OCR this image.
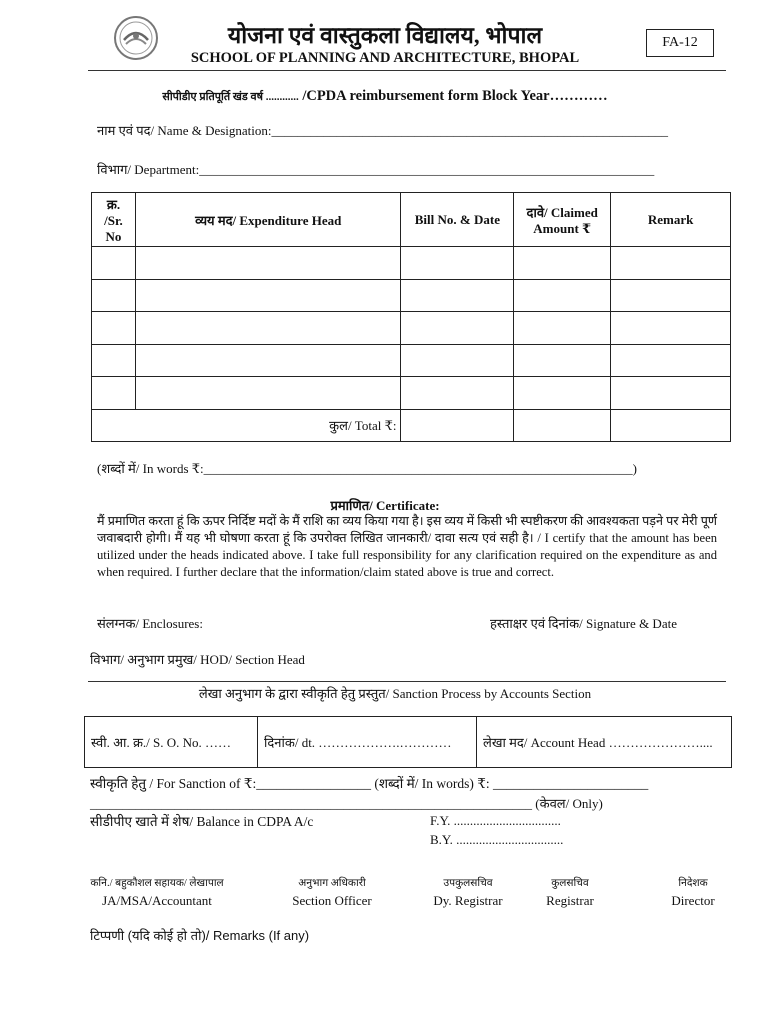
योजना एवं वास्तुकला विद्यालय, भोपाल
SCHOOL OF PLANNING AND ARCHITECTURE, BHOPAL
FA-12
सीपीडीए प्रतिपूर्ति खंड वर्ष ............ /CPDA reimbursement form Block Year…………
नाम एवं पद/ Name & Designation:_____________________________________________________________
विभाग/ Department:______________________________________________________________________
क्र. /Sr. No	व्यय मद/ Expenditure Head	Bill No. & Date	दावे/ Claimed Amount ₹	Remark

कुल/ Total ₹:				
(शब्दों में/ In words ₹:__________________________________________________________________)
प्रमाणित/ Certificate:
मैं प्रमाणित करता हूं कि ऊपर निर्दिष्ट मदों के मैं राशि का व्यय किया गया है। इस व्यय में किसी भी स्पष्टीकरण की आवश्यकता पड़ने पर मेरी पूर्ण जवाबदारी होगी। मैं यह भी घोषणा करता हूं कि उपरोक्त लिखित जानकारी/ दावा सत्य एवं सही है। / I certify that the amount has been utilized under the heads indicated above. I take full responsibility for any clarification required on the expenditure as and when required. I further declare that the information/claim stated above is true and correct.
संलग्नक/ Enclosures:	हस्ताक्षर एवं दिनांक/ Signature & Date
विभाग/ अनुभाग प्रमुख/ HOD/ Section Head
लेखा अनुभाग के द्वारा स्वीकृति हेतु प्रस्तुत/ Sanction Process by Accounts Section
स्वी. आ. क्र./ S. O. No. ……	दिनांक/ dt. ……………….…………	लेखा मद/ Account Head …………………....
स्वीकृति हेतु / For Sanction of ₹:_________________ (शब्दों में/ In words) ₹: _______________________
____________________________________________________________________ (केवल/ Only)
सीडीपीए खाते में शेष/ Balance in CDPA A/c	F.Y. .................................
B.Y. .................................
कनि./ बहुकौशल सहायक/ लेखापाल
JA/MSA/Accountant
अनुभाग अधिकारी
Section Officer
उपकुलसचिव
Dy. Registrar
कुलसचिव
Registrar
निदेशक
Director
टिप्पणी (यदि कोई हो तो)/ Remarks (If any)
